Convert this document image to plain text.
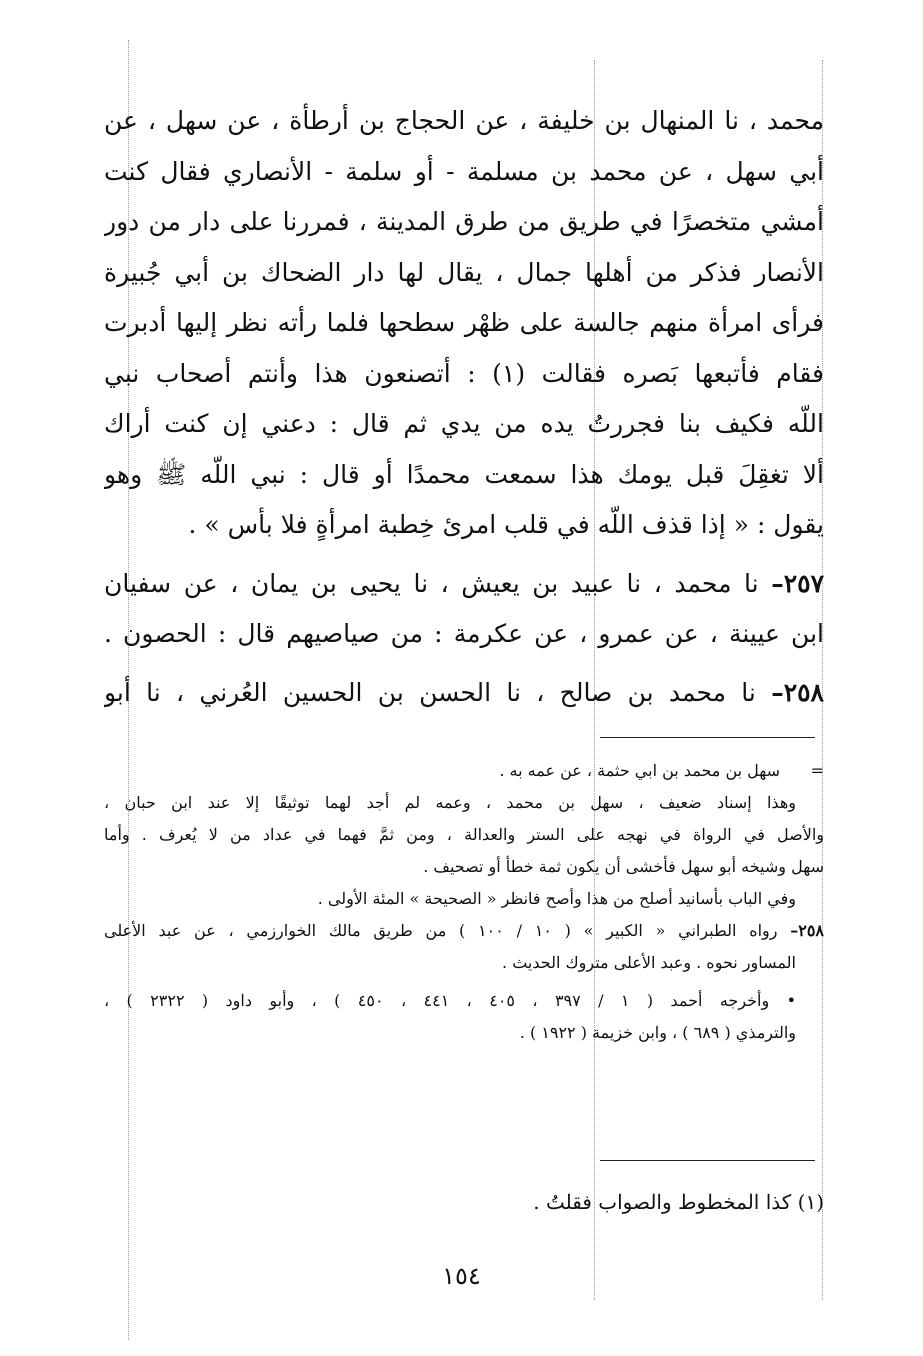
محمد ، نا المنهال بن خليفة ، عن الحجاج بن أرطأة ، عن سهل ، عن
أبي سهل ، عن محمد بن مسلمة - أو سلمة - الأنصاري فقال كنت
أمشي متخصرًا في طريق من طرق المدينة ، فمررنا على دار من دور
الأنصار فذكر من أهلها جمال ، يقال لها دار الضحاك بن أبي جُبيرة
فرأى امرأة منهم جالسة على ظهْر سطحها فلما رأته نظر إليها أدبرت
فقام فأتبعها بَصره فقالت (١) : أتصنعون هذا وأنتم أصحاب نبي
اللّه فكيف بنا فجررتُ يده من يدي ثم قال : دعني إن كنت أراك
ألا تغقِلَ قبل يومك هذا سمعت محمدًا أو قال : نبي اللّه ﷺ وهو
يقول : « إذا قذف اللّه في قلب امرئ خِطبة امرأةٍ فلا بأس » .
٢٥٧– نا محمد ، نا عبيد بن يعيش ، نا يحيى بن يمان ، عن سفيان
ابن عيينة ، عن عمرو ، عن عكرمة : من صياصيهم قال : الحصون .
٢٥٨– نا محمد بن صالح ، نا الحسن بن الحسين العُرني ، نا أبو
=      سهل بن محمد بن ابي حثمة ، عن عمه به .
وهذا إسناد ضعيف ، سهل بن محمد ، وعمه لم أجد لهما توثيقًا إلا عند ابن حبان ،
والأصل في الرواة في نهجه على الستر والعدالة ، ومن ثمَّ فهما في عداد من لا يُعرف . وأما
سهل وشيخه أبو سهل فأخشى أن يكون ثمة خطأ أو تصحيف .
وفي الباب بأسانيد أصلح من هذا وأصح فانظر « الصحيحة » المئة الأولى .
٢٥٨– رواه الطبراني « الكبير » ( ١٠ / ١٠٠ ) من طريق مالك الخوارزمي ، عن عبد الأعلى
المساور نحوه . وعبد الأعلى متروك الحديث .
• وأخرجه أحمد ( ١ / ٣٩٧ ، ٤٠٥ ، ٤٤١ ، ٤٥٠ ) ، وأبو داود ( ٢٣٢٢ ) ،
والترمذي ( ٦٨٩ ) ، وابن خزيمة ( ١٩٢٢ ) .
(١) كذا المخطوط والصواب فقلتُ .
١٥٤
